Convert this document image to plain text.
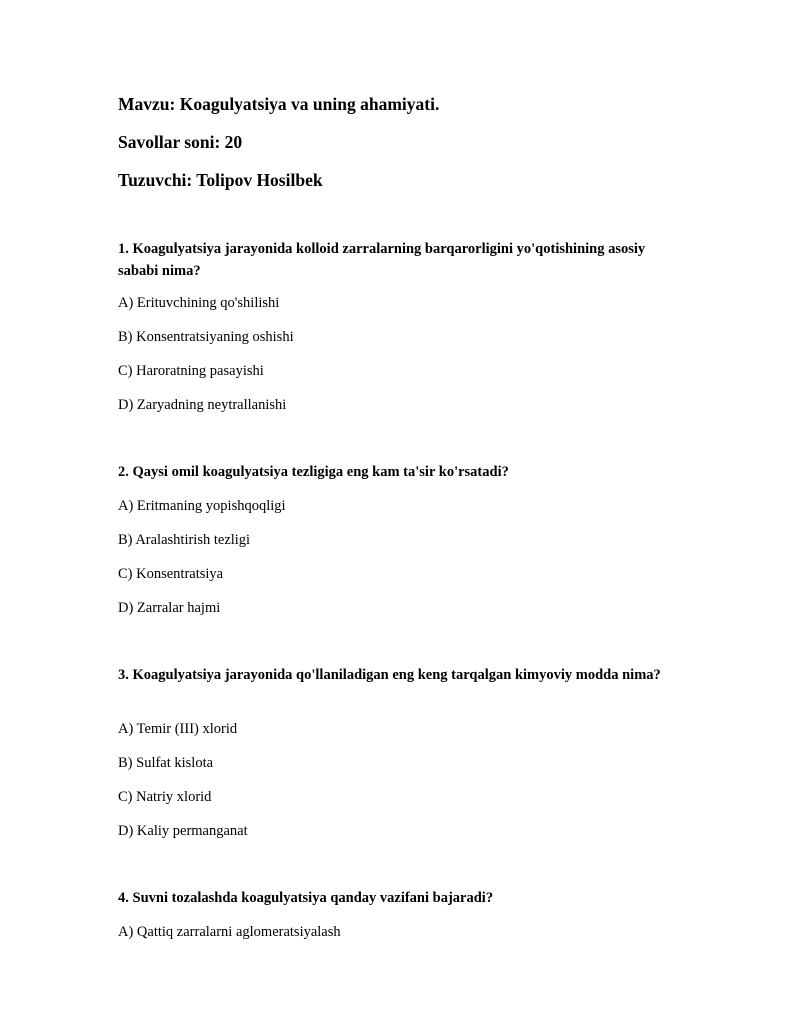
Mavzu: Koagulyatsiya va uning ahamiyati.
Savollar soni: 20
Tuzuvchi: Tolipov Hosilbek

1. Koagulyatsiya jarayonida kolloid zarralarning barqarorligini yo'qotishining asosiy sababi nima?

A) Erituvchining qo'shilishi

B) Konsentratsiyaning oshishi

C) Haroratning pasayishi

D) Zaryadning neytrallanishi

2. Qaysi omil koagulyatsiya tezligiga eng kam ta'sir ko'rsatadi?

A) Eritmaning yopishqoqligi

B) Aralashtirish tezligi

C) Konsentratsiya

D) Zarralar hajmi

3. Koagulyatsiya jarayonida qo'llaniladigan eng keng tarqalgan kimyoviy modda nima?

A) Temir (III) xlorid

B) Sulfat kislota

C) Natriy xlorid

D) Kaliy permanganat

4. Suvni tozalashda koagulyatsiya qanday vazifani bajaradi?

A) Qattiq zarralarni aglomeratsiyalash
